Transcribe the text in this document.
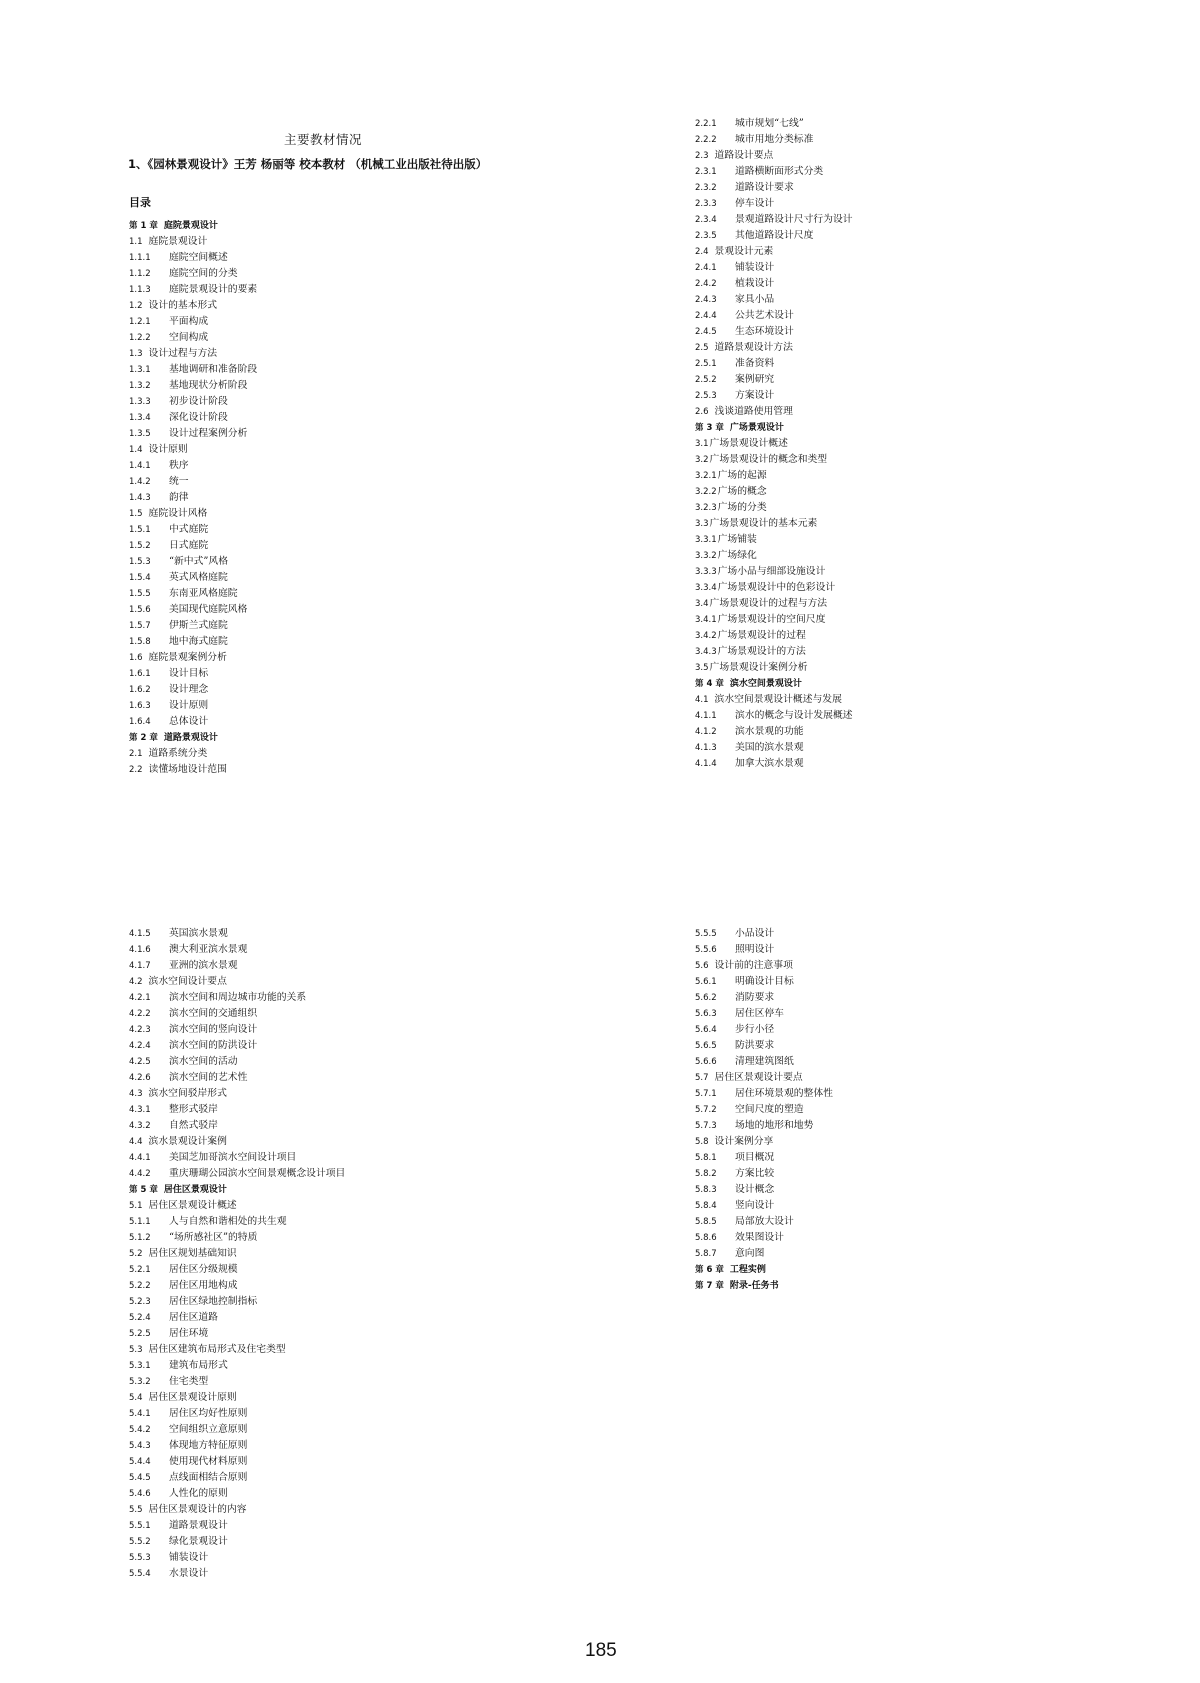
主要教材情况
1、《园林景观设计》王芳 杨丽等 校本教材 （机械工业出版社待出版）
目录
第 1 章 庭院景观设计
1.1 庭院景观设计
1.1.1	庭院空间概述
1.1.2	庭院空间的分类
1.1.3	庭院景观设计的要素
1.2 设计的基本形式
1.2.1	平面构成
1.2.2	空间构成
1.3 设计过程与方法
1.3.1	基地调研和准备阶段
1.3.2	基地现状分析阶段
1.3.3	初步设计阶段
1.3.4	深化设计阶段
1.3.5	设计过程案例分析
1.4 设计原则
1.4.1	秩序
1.4.2	统一
1.4.3	韵律
1.5 庭院设计风格
1.5.1	中式庭院
1.5.2	日式庭院
1.5.3	“新中式”风格
1.5.4	英式风格庭院
1.5.5	东南亚风格庭院
1.5.6	美国现代庭院风格
1.5.7	伊斯兰式庭院
1.5.8	地中海式庭院
1.6 庭院景观案例分析
1.6.1	设计目标
1.6.2	设计理念
1.6.3	设计原则
1.6.4	总体设计
第 2 章 道路景观设计
2.1 道路系统分类
2.2 读懂场地设计范围
2.2.1	城市规划“七线”
2.2.2	城市用地分类标准
2.3 道路设计要点
2.3.1	道路横断面形式分类
2.3.2	道路设计要求
2.3.3	停车设计
2.3.4	景观道路设计尺寸行为设计
2.3.5	其他道路设计尺度
2.4 景观设计元素
2.4.1	铺装设计
2.4.2	植栽设计
2.4.3	家具小品
2.4.4	公共艺术设计
2.4.5	生态环境设计
2.5 道路景观设计方法
2.5.1	准备资料
2.5.2	案例研究
2.5.3	方案设计
2.6 浅谈道路使用管理
第 3 章 广场景观设计
3.1 广场景观设计概述
3.2 广场景观设计的概念和类型
3.2.1 广场的起源
3.2.2 广场的概念
3.2.3 广场的分类
3.3 广场景观设计的基本元素
3.3.1 广场铺装
3.3.2 广场绿化
3.3.3 广场小品与细部设施设计
3.3.4 广场景观设计中的色彩设计
3.4 广场景观设计的过程与方法
3.4.1 广场景观设计的空间尺度
3.4.2 广场景观设计的过程
3.4.3 广场景观设计的方法
3.5 广场景观设计案例分析
第 4 章 滨水空间景观设计
4.1 滨水空间景观设计概述与发展
4.1.1	滨水的概念与设计发展概述
4.1.2	滨水景观的功能
4.1.3	美国的滨水景观
4.1.4	加拿大滨水景观
4.1.5	英国滨水景观
4.1.6	澳大利亚滨水景观
4.1.7	亚洲的滨水景观
4.2 滨水空间设计要点
4.2.1	滨水空间和周边城市功能的关系
4.2.2	滨水空间的交通组织
4.2.3	滨水空间的竖向设计
4.2.4	滨水空间的防洪设计
4.2.5	滨水空间的活动
4.2.6	滨水空间的艺术性
4.3 滨水空间驳岸形式
4.3.1	整形式驳岸
4.3.2	自然式驳岸
4.4 滨水景观设计案例
4.4.1	美国芝加哥滨水空间设计项目
4.4.2	重庆珊瑚公园滨水空间景观概念设计项目
第 5 章 居住区景观设计
5.1 居住区景观设计概述
5.1.1	人与自然和谐相处的共生观
5.1.2	“场所感社区”的特质
5.2 居住区规划基础知识
5.2.1	居住区分级规模
5.2.2	居住区用地构成
5.2.3	居住区绿地控制指标
5.2.4	居住区道路
5.2.5	居住环境
5.3 居住区建筑布局形式及住宅类型
5.3.1	建筑布局形式
5.3.2	住宅类型
5.4 居住区景观设计原则
5.4.1	居住区均好性原则
5.4.2	空间组织立意原则
5.4.3	体现地方特征原则
5.4.4	使用现代材料原则
5.4.5	点线面相结合原则
5.4.6	人性化的原则
5.5 居住区景观设计的内容
5.5.1	道路景观设计
5.5.2	绿化景观设计
5.5.3	铺装设计
5.5.4	水景设计
5.5.5	小品设计
5.5.6	照明设计
5.6 设计前的注意事项
5.6.1	明确设计目标
5.6.2	消防要求
5.6.3	居住区停车
5.6.4	步行小径
5.6.5	防洪要求
5.6.6	清理建筑图纸
5.7 居住区景观设计要点
5.7.1	居住环境景观的整体性
5.7.2	空间尺度的塑造
5.7.3	场地的地形和地势
5.8 设计案例分享
5.8.1	项目概况
5.8.2	方案比较
5.8.3	设计概念
5.8.4	竖向设计
5.8.5	局部放大设计
5.8.6	效果图设计
5.8.7	意向图
第 6 章 工程实例
第 7 章 附录-任务书
185
